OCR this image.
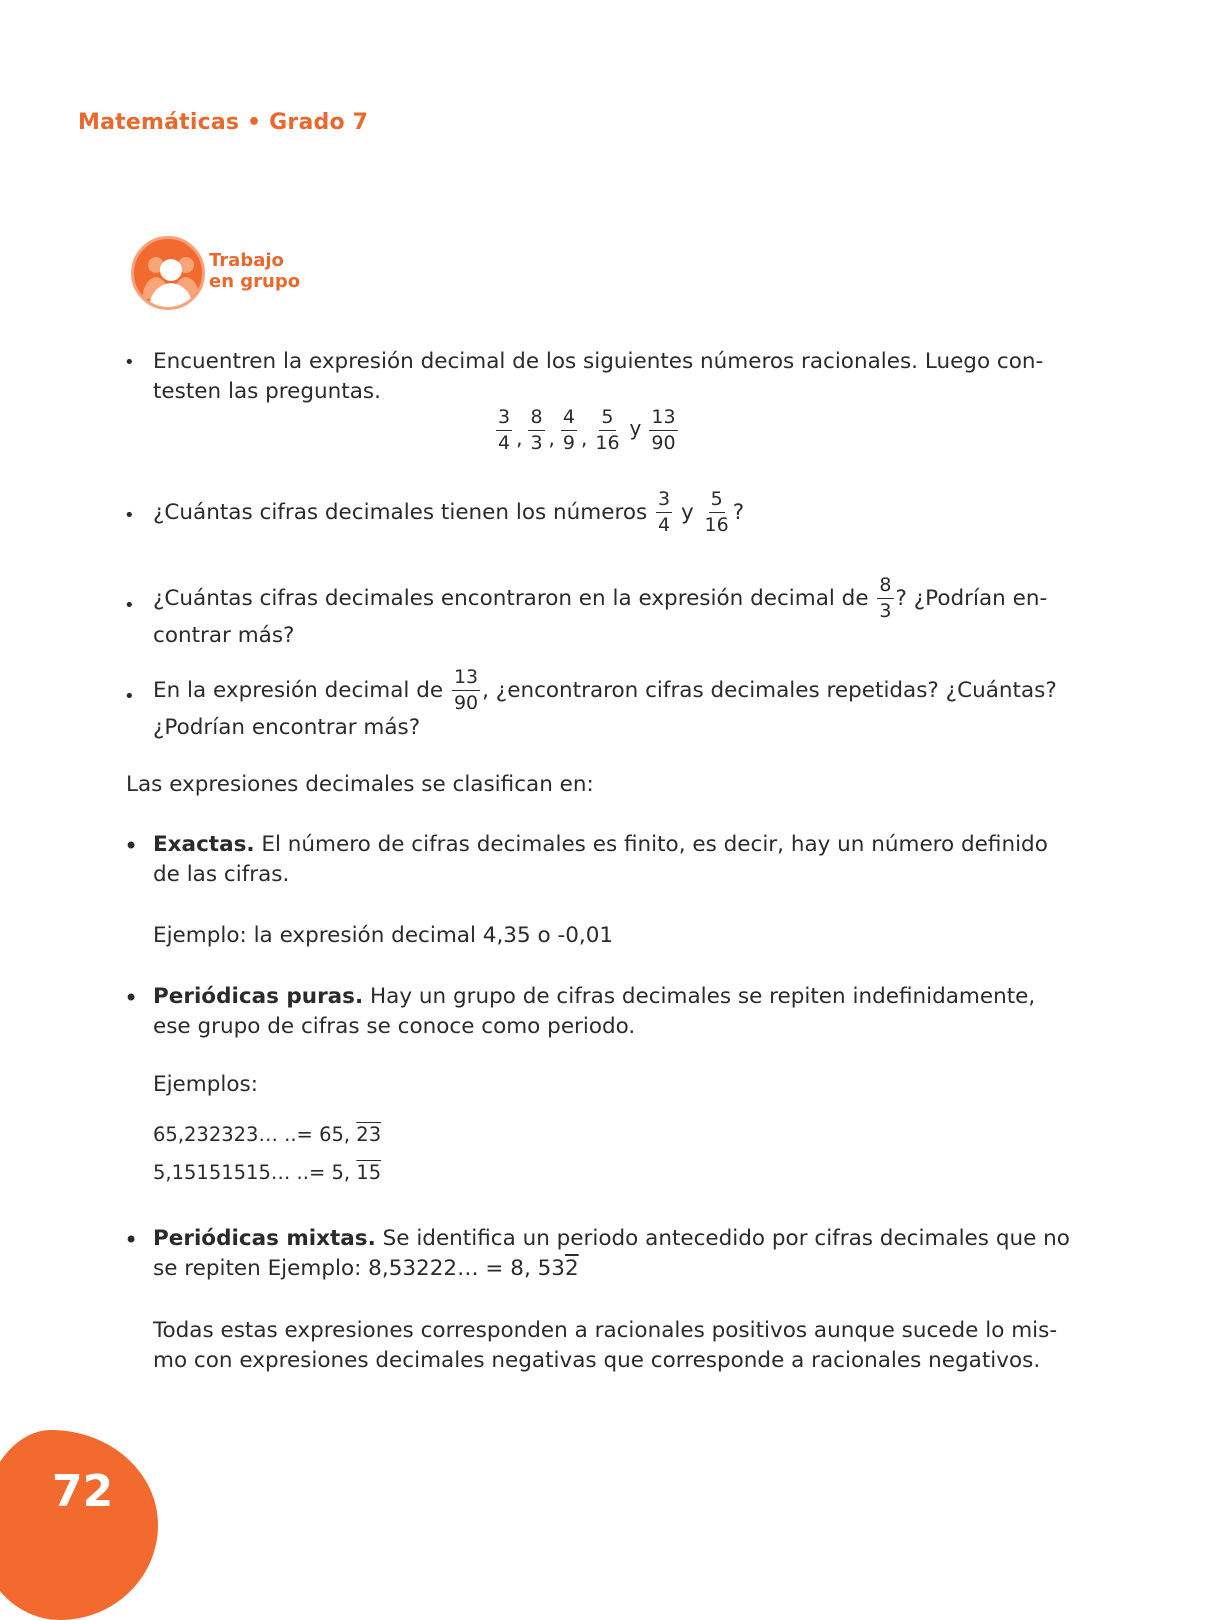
Matemáticas • Grado 7
Trabajo
en grupo
• Encuentren la expresión decimal de los siguientes números racionales. Luego con-
testen las preguntas.
$\frac{3}{4}$ , $\frac{8}{3}$ , $\frac{4}{9}$ , $\frac{5}{16}$ y $\frac{13}{90}$
• ¿Cuántas cifras decimales tienen los números
$\frac{3}{4}$
y
$\frac{5}{16}$ ?
• ¿Cuántas cifras decimales encontraron en la expresión decimal de
$\frac{8}{3}$ ? ¿Podrían en-
contrar más?
• En la expresión decimal de
$\frac{13}{90}$ , ¿encontraron cifras decimales repetidas? ¿Cuántas?
¿Podrían encontrar más?
Las expresiones decimales se clasifican en:
• Exactas. El número de cifras decimales es finito, es decir, hay un número definido
de las cifras.
Ejemplo: la expresión decimal 4,35 o -0,01
• Periódicas puras. Hay un grupo de cifras decimales se repiten indefinidamente,
ese grupo de cifras se conoce como periodo.
Ejemplos:
65,232323… ..= 65, 23
5,15151515… ..= 5, 15
• Periódicas mixtas. Se identifica un periodo antecedido por cifras decimales que no
se repiten Ejemplo: 8,53222… = 8, 532
Todas estas expresiones corresponden a racionales positivos aunque sucede lo mis-
mo con expresiones decimales negativas que corresponde a racionales negativos.
72
